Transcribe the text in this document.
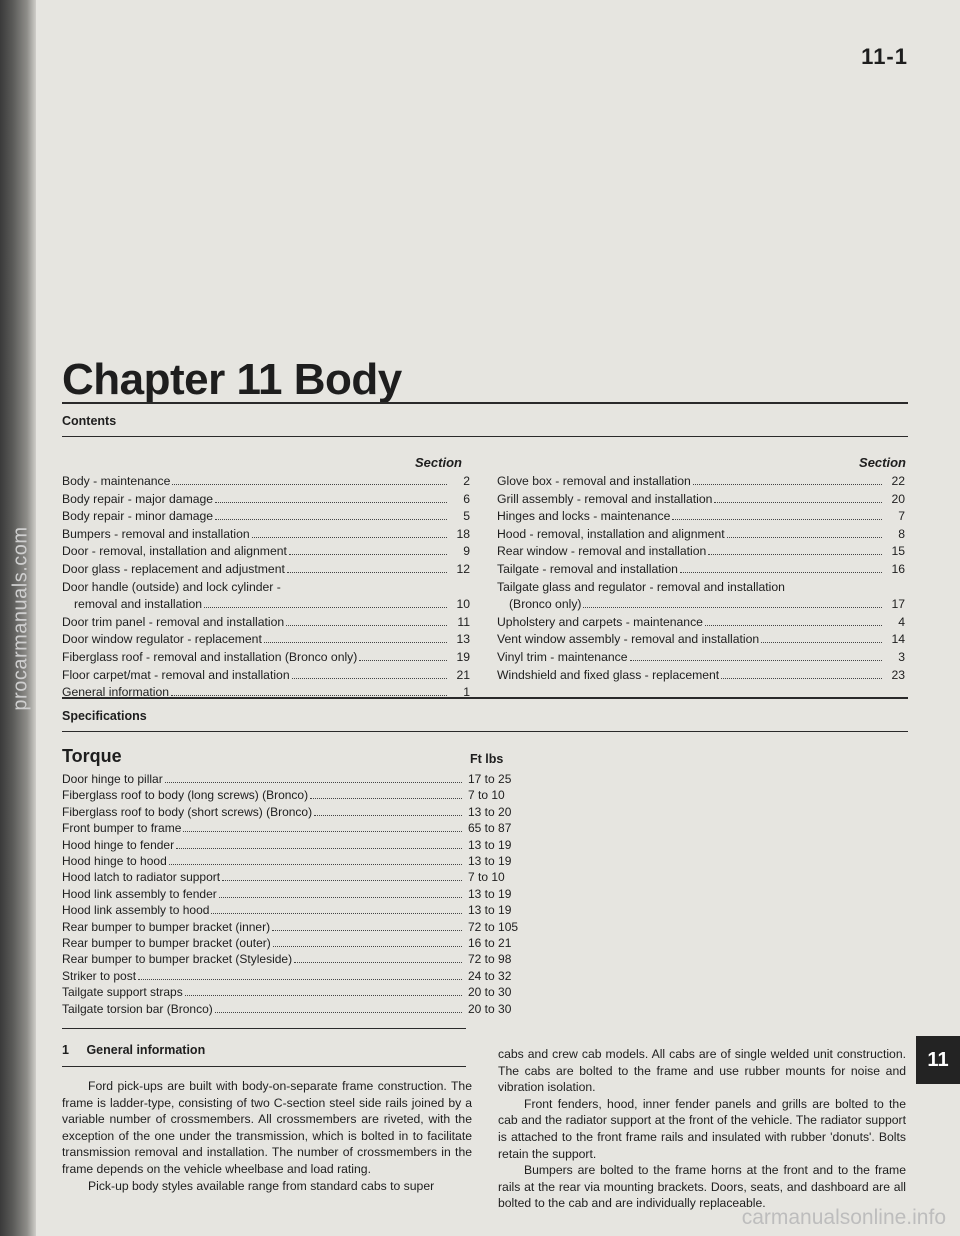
procarmanuals.com
11-1
Chapter 11 Body
Contents
Section	Section
Body - maintenance	2
Body repair - major damage	6
Body repair - minor damage	5
Bumpers - removal and installation	18
Door - removal, installation and alignment	9
Door glass - replacement and adjustment	12
Door handle (outside) and lock cylinder -
removal and installation	10
Door trim panel - removal and installation	11
Door window regulator - replacement	13
Fiberglass roof - removal and installation (Bronco only)	19
Floor carpet/mat - removal and installation	21
General information	1
Glove box - removal and installation	22
Grill assembly - removal and installation	20
Hinges and locks - maintenance	7
Hood - removal, installation and alignment	8
Rear window - removal and installation	15
Tailgate - removal and installation	16
Tailgate glass and regulator - removal and installation
(Bronco only)	17
Upholstery and carpets - maintenance	4
Vent window assembly - removal and installation	14
Vinyl trim - maintenance	3
Windshield and fixed glass - replacement	23
Specifications
Torque	Ft lbs
Door hinge to pillar	17 to 25
Fiberglass roof to body (long screws) (Bronco)	7 to 10
Fiberglass roof to body (short screws) (Bronco)	13 to 20
Front bumper to frame	65 to 87
Hood hinge to fender	13 to 19
Hood hinge to hood	13 to 19
Hood latch to radiator support	7 to 10
Hood link assembly to fender	13 to 19
Hood link assembly to hood	13 to 19
Rear bumper to bumper bracket (inner)	72 to 105
Rear bumper to bumper bracket (outer)	16 to 21
Rear bumper to bumper bracket (Styleside)	72 to 98
Striker to post	24 to 32
Tailgate support straps	20 to 30
Tailgate torsion bar (Bronco)	20 to 30
1 General information

Ford pick-ups are built with body-on-separate frame construction. The frame is ladder-type, consisting of two C-section steel side rails joined by a variable number of crossmembers. All crossmembers are riveted, with the exception of the one under the transmission, which is bolted in to facilitate transmission removal and installation. The number of crossmembers in the frame depends on the vehicle wheelbase and load rating.

Pick-up body styles available range from standard cabs to super

cabs and crew cab models. All cabs are of single welded unit construction. The cabs are bolted to the frame and use rubber mounts for noise and vibration isolation.

Front fenders, hood, inner fender panels and grills are bolted to the cab and the radiator support at the front of the vehicle. The radiator support is attached to the front frame rails and insulated with rubber 'donuts'. Bolts retain the support.

Bumpers are bolted to the frame horns at the front and to the frame rails at the rear via mounting brackets. Doors, seats, and dashboard are all bolted to the cab and are individually replaceable.

11
carmanualsonline.info
